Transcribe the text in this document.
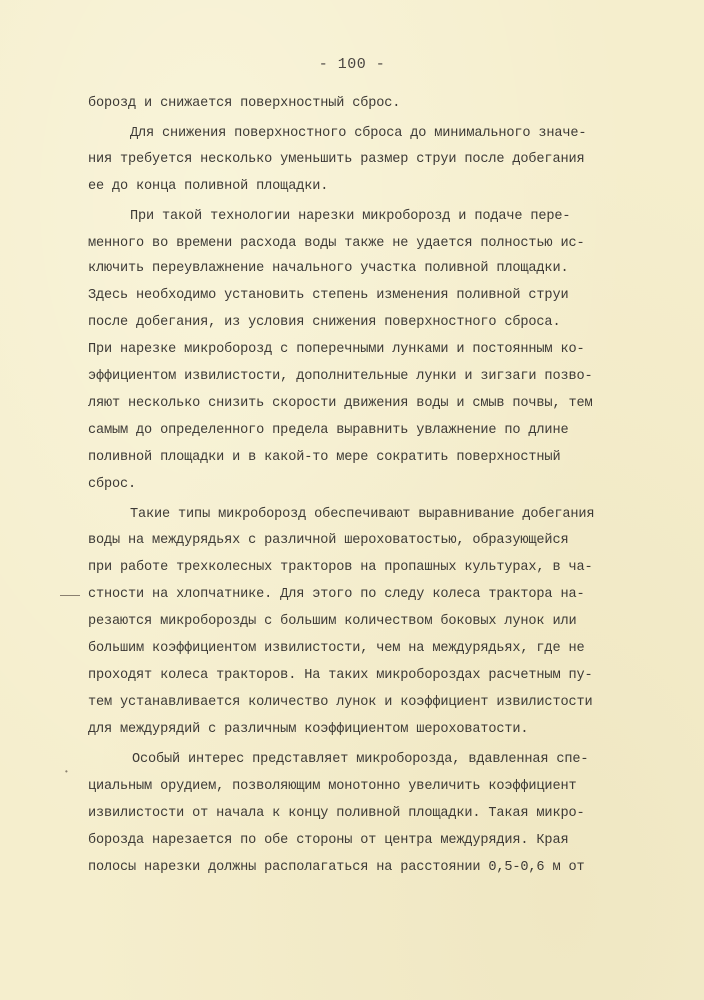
- 100 -
борозд и снижается поверхностный сброс.
Для снижения поверхностного сброса до минимального значе-
ния требуется несколько уменьшить размер струи после добегания
ее до конца поливной площадки.
При такой технологии нарезки микроборозд и подаче пере-
менного во времени расхода воды также не удается полностью ис-
ключить переувлажнение начального участка поливной площадки.
Здесь необходимо установить степень изменения поливной струи
после добегания, из условия снижения поверхностного сброса.
При нарезке микроборозд с поперечными лунками и постоянным ко-
эффициентом извилистости, дополнительные лунки и зигзаги позво-
ляют несколько снизить скорости движения воды и смыв почвы, тем
самым до определенного предела выравнить увлажнение по длине
поливной площадки и в какой-то мере сократить поверхностный
сброс.
Такие типы микроборозд обеспечивают выравнивание добегания
воды на междурядьях с различной шероховатостью, образующейся
при работе трехколесных тракторов на пропашных культурах, в ча-
стности на хлопчатнике. Для этого по следу колеса трактора на-
резаются микроборозды с большим количеством боковых лунок или
большим коэффициентом извилистости, чем на междурядьях, где не
проходят колеса тракторов. На таких микробороздах расчетным пу-
тем устанавливается количество лунок и коэффициент извилистости
для междурядий с различным коэффициентом шероховатости.
Особый интерес представляет микроборозда, вдавленная спе-
циальным орудием, позволяющим монотонно увеличить коэффициент
извилистости от начала к концу поливной площадки. Такая микро-
борозда нарезается по обе стороны от центра междурядия. Края
полосы нарезки должны располагаться на расстоянии 0,5-0,6 м от
•
